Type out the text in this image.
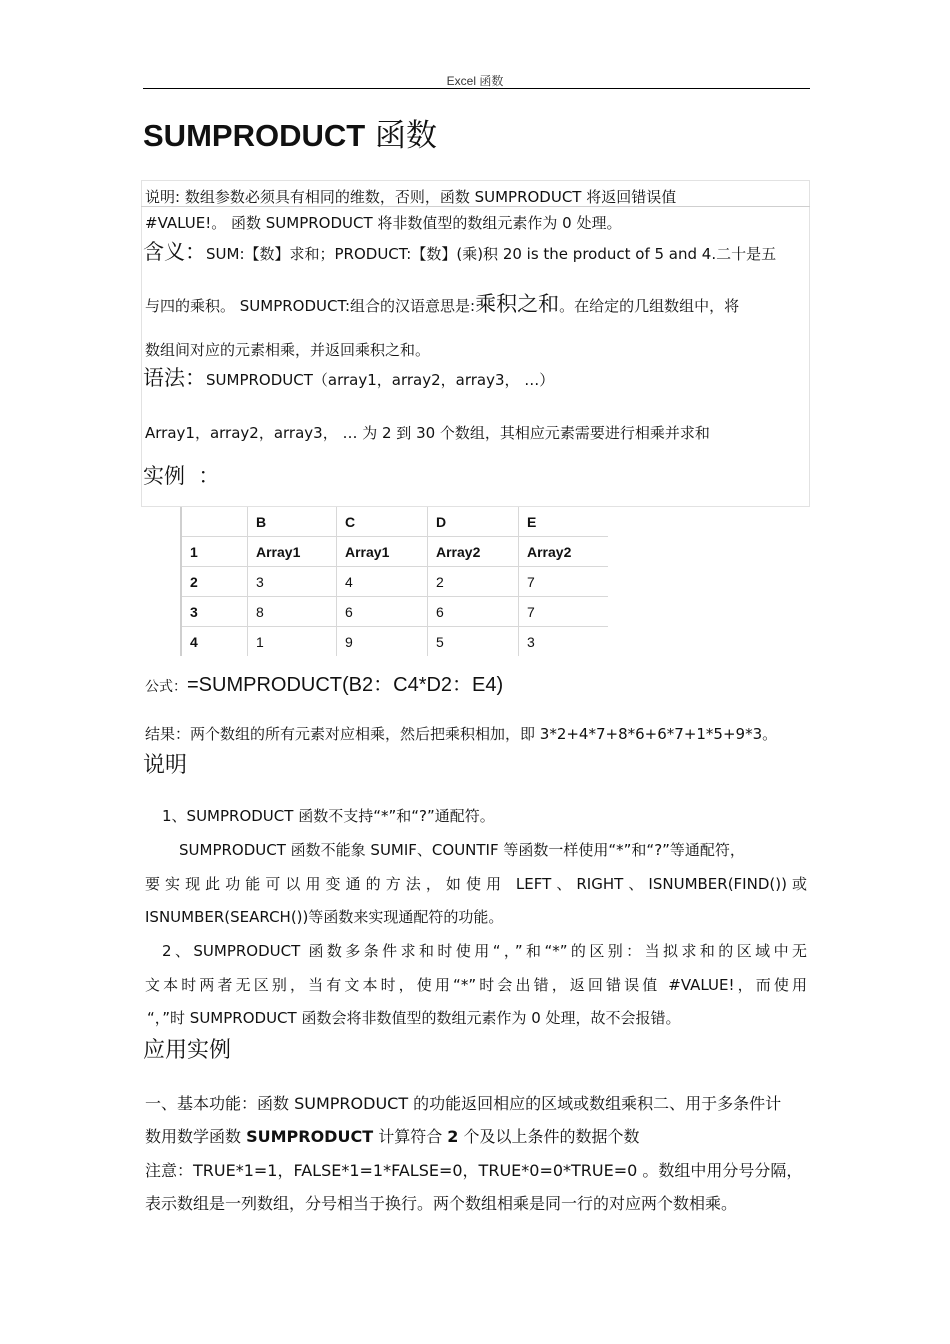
Excel 函数
SUMPRODUCT 函数
说明: 数组参数必须具有相同的维数，否则，函数 SUMPRODUCT 将返回错误值
#VALUE!。 函数 SUMPRODUCT 将非数值型的数组元素作为 0 处理。
含义：SUM:【数】求和；PRODUCT:【数】(乘)积 20 is the product of 5 and 4.二十是五
与四的乘积。 SUMPRODUCT:组合的汉语意思是:乘积之和。在给定的几组数组中，将
数组间对应的元素相乘，并返回乘积之和。
语法：SUMPRODUCT（array1，array2，array3， …）
Array1，array2，array3， … 为 2 到 30 个数组，其相应元素需要进行相乘并求和
实例  ：
	B	C	D	E
1	Array1	Array1	Array2	Array2
2	3	4	2	7
3	8	6	6	7
4	1	9	5	3
公式：=SUMPRODUCT(B2：C4*D2：E4)
结果：两个数组的所有元素对应相乘，然后把乘积相加，即 3*2+4*7+8*6+6*7+1*5+9*3。
说明
1、SUMPRODUCT 函数不支持“*”和“?”通配符。
SUMPRODUCT 函数不能象 SUMIF、COUNTIF 等函数一样使用“*”和“?”等通配符，
要实现此功能可以用变通的方法，如使用 LEFT、RIGHT、ISNUMBER(FIND())或
ISNUMBER(SEARCH())等函数来实现通配符的功能。
2、SUMPRODUCT 函数多条件求和时使用“，”和“*”的区别：当拟求和的区域中无
文本时两者无区别，当有文本时，使用“*”时会出错，返回错误值 #VALUE!，而使用
“，”时 SUMPRODUCT 函数会将非数值型的数组元素作为 0 处理，故不会报错。
应用实例
一、基本功能：函数 SUMPRODUCT 的功能返回相应的区域或数组乘积二、用于多条件计
数用数学函数 SUMPRODUCT 计算符合 2 个及以上条件的数据个数
注意：TRUE*1=1，FALSE*1=1*FALSE=0，TRUE*0=0*TRUE=0 。数组中用分号分隔，
表示数组是一列数组，分号相当于换行。两个数组相乘是同一行的对应两个数相乘。
